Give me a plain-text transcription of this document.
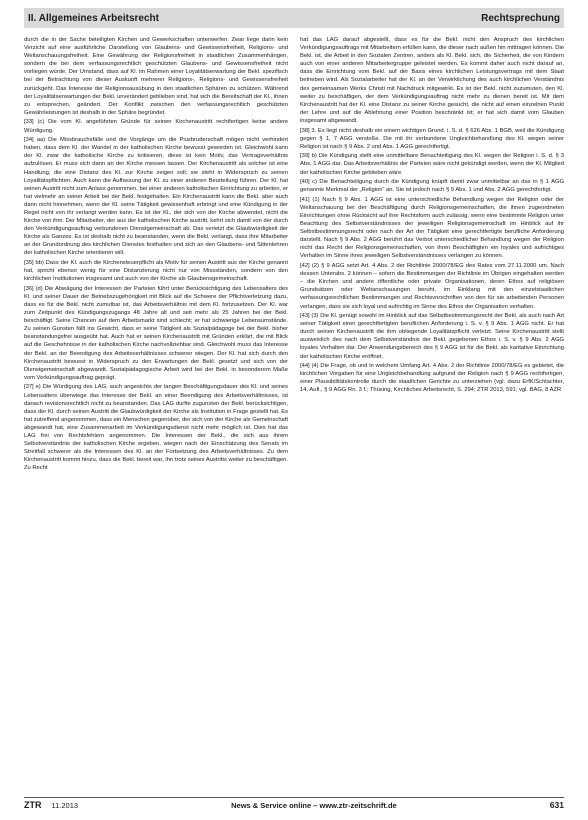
II. Allgemeines Arbeitsrecht	Rechtsprechung

durch die in der Sache beteiligten Kirchen und Gewerkschaften unterwerfen. Zwar liege darin kein Verzicht auf eine ausführliche Darstellung von Glaubens- und Gewissensfreiheit, Religions- und Weltanschauungsfreiheit. Eine Gewährung der Religionsfreiheit in staatlichen Zusammenhängen, sondern die bei dem verfassungsrechtlich geschützten Glaubens- und Gewissensfreiheit nicht vorliegen würde. Der Umstand, dass auf Kl. im Rahmen einer Loyalitätserwartung der Bekl. spezifisch bei der Betrachtung von dieser Auskunft mehrerer Religions-, Religions- und Gewissensfreiheit zurückgeht. Das Interesse der Religionsausübung in den staatlichen Sphären zu schützen. Während der Loyalitätserwartungen der Bekl. unverändert geblieben sind, hat sich die Bereitschaft der Kl., ihnen zu entsprechen, geändert. Der Konflikt zwischen den verfassungsrechtlich geschützten Gewährleistungen ist deshalb in der Sphäre begründet.

[33] (c) Die vom Kl. angeführten Gründe für seinen Kirchenaustritt rechtfertigen keine andere Würdigung.

[34] aa) Die Missbrauchsfälle und die Vorgänge um die Piusbruderschaft mögen nicht verhindert haben, dass dem Kl. der Wandel in der katholischen Kirche bewusst geworden ist. Gleichwohl kann der Kl. zwar die katholische Kirche zu kritisieren, diese ist kein Motiv, das Vertragsverhältnis aufzulösen. Er muss sich dann an der Kirche messen lassen. Der Kirchenaustritt als solcher ist eine Handlung, die eine Distanz des Kl. zur Kirche zeigen soll; sie steht in Widerspruch zu seinen Loyalitätspflichten. Auch kann die Auffassung der Kl. zu einer anderen Beurteilung führen. Der Kl. hat seinen Austritt nicht zum Anlass genommen, bei einer anderen katholischen Einrichtung zu arbeiten, er hat vielmehr an seiner Arbeit bei der Bekl. festgehalten. Ein Kirchenaustritt kann die Bekl. aber auch dann nicht hinnehmen, wenn der Kl. seine Tätigkeit gewissenhaft erbringt und eine Kündigung in der Regel nicht von ihr verlangt werden kann. Es ist der Kl., der sich von der Kirche abwendet, nicht die Kirche von ihm. Der Mitarbeiter, der aus der katholischen Kirche austritt, kehrt sich damit von der durch den Verkündigungsauftrag verbundenen Dienstgemeinschaft ab. Das verletzt die Glaubwürdigkeit der Kirche als Ganzes. Es ist deshalb nicht zu beanstanden, wenn die Bekl. verlangt, dass ihre Mitarbeiter an der Grundordnung des kirchlichen Dienstes festhalten und sich an den Glaubens- und Sittenlehren der katholischen Kirche orientieren will.

[35] bb) Dass der Kl. auch die Kirchensteuerpflicht als Motiv für seinen Austritt aus der Kirche genannt hat, spricht ebenso wenig für eine Distanzierung nicht nur von Missständen, sondern von den kirchlichen Institutionen insgesamt und auch von der Kirche als Glaubensgemeinschaft.

[36] (d) Die Abwägung der Interessen der Parteien führt unter Berücksichtigung des Lebensalters des Kl. und seiner Dauer der Betriebszugehörigkeit mit Blick auf die Schwere der Pflichtverletzung dazu, dass es für die Bekl. nicht zumutbar ist, das Arbeitsverhältnis mit dem Kl. fortzusetzen. Der Kl. war zum Zeitpunkt des Kündigungszugangs 48 Jahre alt und seit mehr als 25 Jahren bei der Bekl. beschäftigt. Seine Chancen auf dem Arbeitsmarkt sind schlecht; er hat schwierige Lebensumstände. Zu seinen Gunsten fällt ins Gewicht, dass er seine Tätigkeit als Sozialpädagoge bei der Bekl. bisher beanstandungsfrei ausgeübt hat. Auch hat er seinen Kirchenaustritt mit Gründen erklärt, die mit Blick auf die Geschehnisse in der katholischen Kirche nachvollziehbar sind. Gleichwohl muss das Interesse der Bekl. an der Beendigung des Arbeitsverhältnisses schwerer wiegen. Der Kl. hat sich durch den Kirchenaustritt bewusst in Widerspruch zu den Erwartungen der Bekl. gesetzt und sich von der Dienstgemeinschaft abgewandt. Sozialpädagogische Arbeit wird bei der Bekl. in besonderem Maße vom Verkündigungsauftrag geprägt.

[37] e) Die Würdigung des LAG, auch angesichts der langen Beschäftigungsdauer des Kl. und seines Lebensalters überwiege das Interesse der Bekl. an einer Beendigung des Arbeitsverhältnisses, ist danach revisionsrechtlich nicht zu beanstanden. Das LAG durfte zugunsten der Bekl. berücksichtigen, dass der Kl. durch seinen Austritt die Glaubwürdigkeit der Kirche als Institution in Frage gestellt hat. Es hat zutreffend angenommen, dass ein Menschen gegenüber, der sich von der Kirche als Gemeinschaft abgewandt hat, eine Zusammenarbeit im Verkündigungsdienst nicht mehr möglich ist. Dies hat das LAG frei von Rechtsfehlern angenommen. Die Interessen der Bekl., die sich aus ihrem Selbstverständnis der katholischen Kirche ergeben, wiegen nach der Einschätzung des Senats im Streitfall schwerer als die Interessen des Kl. an der Fortsetzung des Arbeitsverhältnisses. Zu dem Kirchenaustritt kommt hinzu, dass die Bekl. bereit war, ihn trotz seines Austritts weiter zu beschäftigen. Zu Recht

hat das LAG darauf abgestellt, dass es für die Bekl. nicht den Anspruch des kirchlichen Verkündigungsauftrags mit Mitarbeitern erfüllen kann, die dieser nach außen hin mittragen können. Die Bekl. ist, die Arbeit in den Sozialen Zentren, anders als Kl. Bekl. sich, die Sicherheit, die von Kindern auch von einer anderen Mitarbeitergruppe geleistet werden. Es kommt daher auch nicht darauf an, dass die Einrichtung vom Bekl. auf der Basis eines kirchlichen Leistungsvertrags mit dem Staat betrieben wird. Als Sozialarbeiter hat der Kl. an der Verwirklichung des auch kirchlichen Verständnis des gemeinsamen Werks Christi mit Nachdruck mitgewirkt. Es ist der Bekl. nicht zuzumuten, den Kl. weiter zu beschäftigen, der dem Verkündigungsauftrag nicht mehr zu dienen bereit ist. Mit dem Kirchenaustritt hat der Kl. eine Distanz zu seiner Kirche gesucht, die nicht auf einen einzelnen Punkt der Lehre und auf die Ablehnung einer Position beschränkt ist; er hat sich damit vom Glauben insgesamt abgewandt.

[38] 3. Es liegt nicht deshalb ein einem wichtigen Grund, i. S. d. § 626 Abs. 1 BGB, weil die Kündigung gegen § 1, 7 AGG verstoße. Die mit ihr verbundene Ungleichbehandlung des Kl. wegen seiner Religion ist nach § 9 Abs. 2 und Abs. 1 AGG gerechtfertigt.

[39] b) Die Kündigung stellt eine unmittelbare Benachteiligung des Kl. wegen der Religion i. S. d. § 3 Abs. 1 AGG dar. Das Arbeitsverhältnis der Parteien wäre nicht gekündigt worden, wenn der Kl. Mitglied der katholischen Kirche geblieben wäre.

[40] c) Die Benachteiligung durch die Kündigung knüpft damit zwar unmittelbar an das in § 1 AGG genannte Merkmal der „Religion“ an. Sie ist jedoch nach § 9 Abs. 1 und Abs. 2 AGG gerechtfertigt.

[41] (1) Nach § 9 Abs. 1 AGG ist eine unterschiedliche Behandlung wegen der Religion oder der Weltanschauung bei der Beschäftigung durch Religionsgemeinschaften, die ihnen zugeordneten Einrichtungen ohne Rücksicht auf ihre Rechtsform auch zulässig, wenn eine bestimmte Religion unter Beachtung des Selbstverständnisses der jeweiligen Religionsgemeinschaft im Hinblick auf ihr Selbstbestimmungsrecht oder nach der Art der Tätigkeit eine gerechtfertigte berufliche Anforderung darstellt. Nach § 9 Abs. 2 AGG berührt das Verbot unterschiedlicher Behandlung wegen der Religion nicht das Recht der Religionsgemeinschaften, von ihren Beschäftigten ein loyales und aufrichtiges Verhalten im Sinne ihres jeweiligen Selbstverständnisses verlangen zu können.

[42] (2) § 9 AGG setzt Art. 4 Abs. 2 der Richtlinie 2000/78/EG des Rates vom 27.11.2000 um. Nach dessen Unterabs. 2 können – sofern die Bestimmungen der Richtlinie im Übrigen eingehalten werden – die Kirchen und andere öffentliche oder private Organisationen, deren Ethos auf religiösen Grundsätzen oder Weltanschauungen beruht, im Einklang mit den einzelstaatlichen verfassungsrechtlichen Bestimmungen und Rechtsvorschriften von den für sie arbeitenden Personen verlangen, dass sie sich loyal und aufrichtig im Sinne des Ethos der Organisation verhalten.

[43] (3) Die Kl. genügt sowohl im Hinblick auf das Selbstbestimmungsrecht der Bekl. als auch nach Art seiner Tätigkeit einer gerechtfertigten beruflichen Anforderung i. S. v. § 9 Abs. 1 AGG nicht. Er hat durch seinen Kirchenaustritt die ihm obliegende Loyalitätspflicht verletzt. Seine Kirchenaustritt stellt ausweislich des nach dem Selbstverständnis der Bekl. gegebenen Ethos i. S. v. § 9 Abs. 2 AGG loyales Verhalten dar. Der Anwendungsbereich des § 9 AGG ist für die Bekl. als karitative Einrichtung der katholischen Kirche eröffnet.

[44] (4) Die Frage, ob und in welchem Umfang Art. 4 Abs. 2 der Richtlinie 2000/78/EG es gebietet, die kirchlichen Vorgaben für eine Ungleichbehandlung aufgrund der Religion nach § 9 AGG rechtfertigen, einer Plausibilitätskontrolle durch die staatlichen Gerichte zu unterziehen (vgl. dazu ErfK/Schlachter, 14. Aufl., § 9 AGG Rn. 3 f.; Thüsing, Kirchliches Arbeitsrecht, S. 294; ZTR 2013, 591; vgl. BAG, 8 AZR

ZTR 11.2013	News & Service online – www.ztr-zeitschrift.de	631
